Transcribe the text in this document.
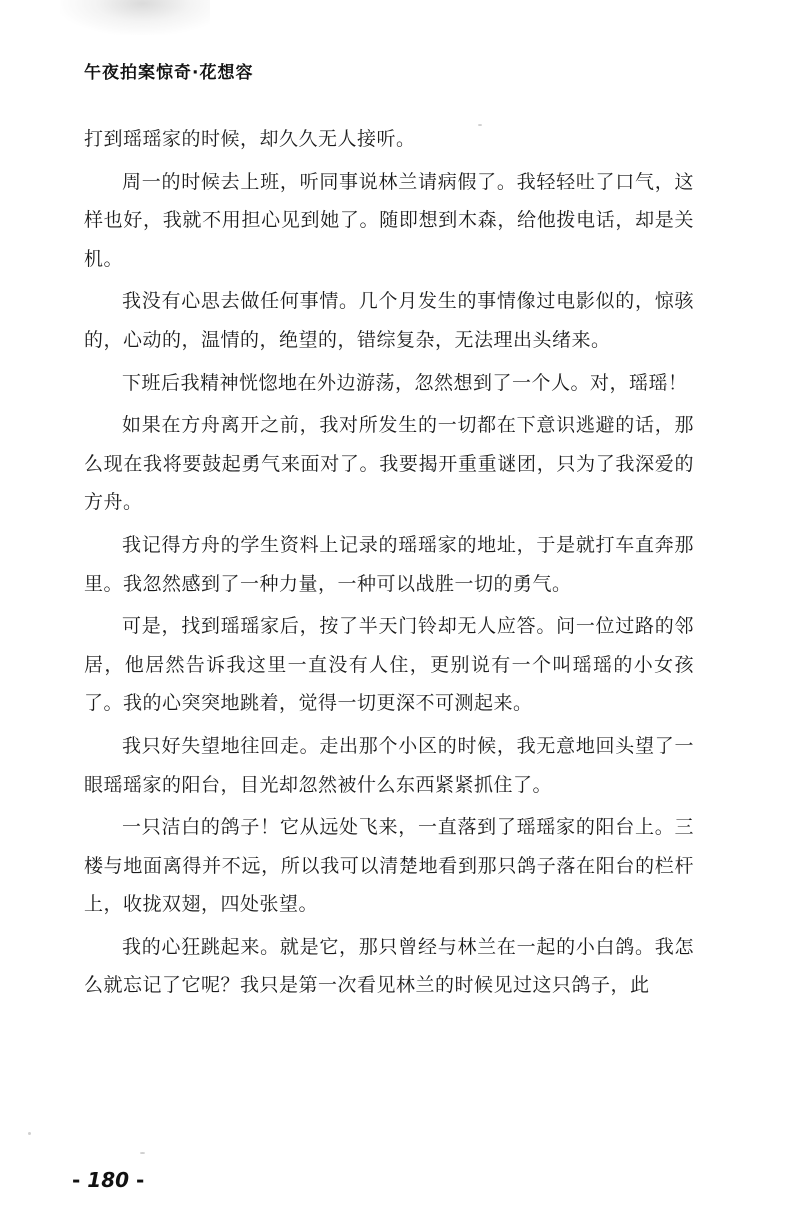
午夜拍案惊奇·花想容

打到瑶瑶家的时候，却久久无人接听。

周一的时候去上班，听同事说林兰请病假了。我轻轻吐了口气，这样也好，我就不用担心见到她了。随即想到木森，给他拨电话，却是关机。

我没有心思去做任何事情。几个月发生的事情像过电影似的，惊骇的，心动的，温情的，绝望的，错综复杂，无法理出头绪来。

下班后我精神恍惚地在外边游荡，忽然想到了一个人。对，瑶瑶！

如果在方舟离开之前，我对所发生的一切都在下意识逃避的话，那么现在我将要鼓起勇气来面对了。我要揭开重重谜团，只为了我深爱的方舟。

我记得方舟的学生资料上记录的瑶瑶家的地址，于是就打车直奔那里。我忽然感到了一种力量，一种可以战胜一切的勇气。

可是，找到瑶瑶家后，按了半天门铃却无人应答。问一位过路的邻居，他居然告诉我这里一直没有人住，更别说有一个叫瑶瑶的小女孩了。我的心突突地跳着，觉得一切更深不可测起来。

我只好失望地往回走。走出那个小区的时候，我无意地回头望了一眼瑶瑶家的阳台，目光却忽然被什么东西紧紧抓住了。

一只洁白的鸽子！它从远处飞来，一直落到了瑶瑶家的阳台上。三楼与地面离得并不远，所以我可以清楚地看到那只鸽子落在阳台的栏杆上，收拢双翅，四处张望。

我的心狂跳起来。就是它，那只曾经与林兰在一起的小白鸽。我怎么就忘记了它呢？我只是第一次看见林兰的时候见过这只鸽子，此

- 180 -
